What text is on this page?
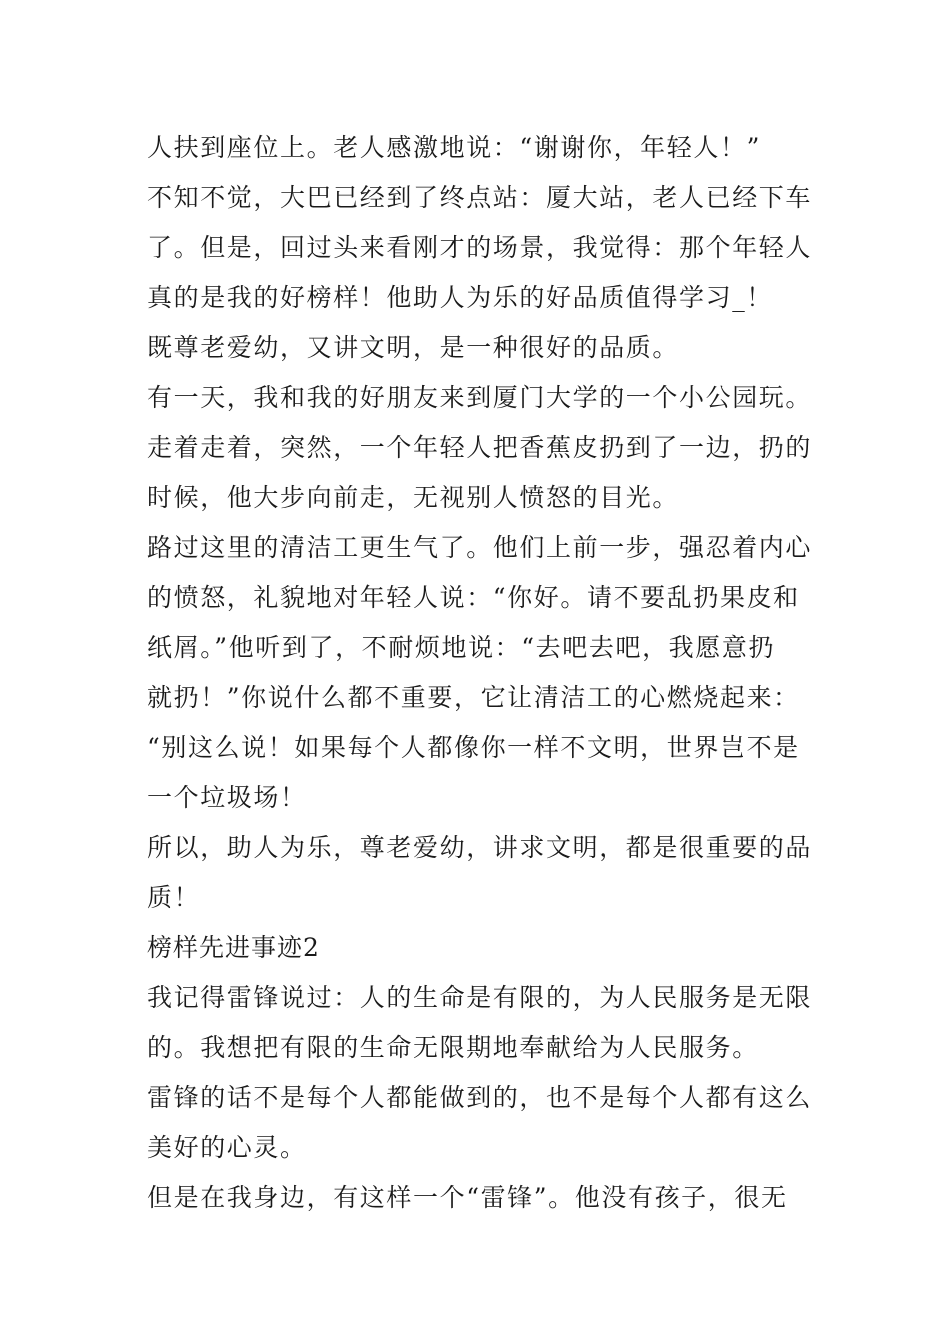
人扶到座位上。老人感激地说：“谢谢你，年轻人！”
不知不觉，大巴已经到了终点站：厦大站，老人已经下车
了。但是，回过头来看刚才的场景，我觉得：那个年轻人
真的是我的好榜样！他助人为乐的好品质值得学习_！
既尊老爱幼，又讲文明，是一种很好的品质。
有一天，我和我的好朋友来到厦门大学的一个小公园玩。
走着走着，突然，一个年轻人把香蕉皮扔到了一边，扔的
时候，他大步向前走，无视别人愤怒的目光。
路过这里的清洁工更生气了。他们上前一步，强忍着内心
的愤怒，礼貌地对年轻人说：“你好。请不要乱扔果皮和
纸屑。”他听到了，不耐烦地说：“去吧去吧，我愿意扔
就扔！”你说什么都不重要，它让清洁工的心燃烧起来：
“别这么说！如果每个人都像你一样不文明，世界岂不是
一个垃圾场！
所以，助人为乐，尊老爱幼，讲求文明，都是很重要的品
质！
榜样先进事迹2
我记得雷锋说过：人的生命是有限的，为人民服务是无限
的。我想把有限的生命无限期地奉献给为人民服务。
雷锋的话不是每个人都能做到的，也不是每个人都有这么
美好的心灵。
但是在我身边，有这样一个“雷锋”。他没有孩子，很无
